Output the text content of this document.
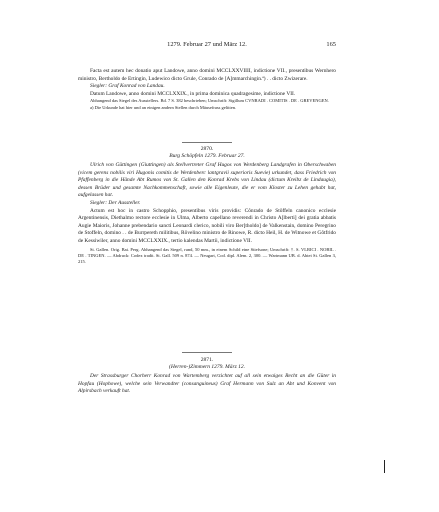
1279. Februar 27 und März 12.	165

Facta est autem hec donatio aput Landowe, anno domini MCCLXXVIIII, indictione VII., presentibus Wernhero ministro, Bertholdo de Ertingin, Ludewico dicto Grule, Conrado de [A]mmarchingin.ª) . . dicto Zwizerare.

Siegler: Graf Konrad von Landau.

Datum Landowe, anno domini MCCLXXIX., in prima dominica quadragesime, indictione VII.

Abhangend das Siegel des Ausstellers. Bd. 7 S. 382 beschrieben; Umschrift: Sigillum CVNRADI . COMITIS . DE . GREVENGEN.

a) Die Urkunde hat hier und an einigen andern Stellen durch Mäusefrass gelitten.

2870.

Burg Schöpfeln 1279. Februar 27.

Ulrich von Güttingen (Giuttingen) als Stellvertreter Graf Hugos von Werdenberg Landgrafen in Oberschwaben (vicem gerens nobilis viri Hugonis comitis de Werdenberc lantgravii superioris Suevie) urkundet, dass Friedrich von Pfaffenberg in die Hände Abt Rumos von St. Gallen den Konrad Krebs von Lindau (dictum Kreibz de Lindaugia), dessen Brüder und gesamte Nachkommenschaft, sowie alle Eigenleute, die er vom Kloster zu Lehen gehabt hat, aufgelassen hat.

Siegler: Der Aussteller.

Actum est hoc in castro Schopphio, presentibus viris providis: Cônrado de Stôffeln canonico ecclesie Argentinensis, Diethalmo rectore ecclesie in Ulma, Alberto capellano reverendi in Christo A[lberti] dei gratia abbatis Augie Maioris, Johanne prebendario sancti Leonardi clerico, nobili viro Ber[tholdo] de Valkenstain, domino Peregrino de Stoffeln, domino . . de Burrpereth militibus, Rôvelino ministro de Rinowe, R. dicto Heil, H. de Witnowe et Gôtfrido de Kessiwiler, anno domini MCCLXXIX., tertio kalendas Martii, indictione VII.

St. Gallen. Orig. Bai. Perg. Abhangend das Siegel, rund, 50 mm., in einem Schild eine Stiefsone; Umschrift: †. S. VLRICI . NOBIL . DE . TINGEN. — Abdruck: Codex tradit. St. Gall. 509 n. 874. — Neugart, Cod. dipl. Alem. 2, 300. — Wartmann UB. d. Abtei St. Gallen 3, 215.

2871.

(Herren-)Zimmern 1279. März 12.

Der Strassburger Chorherr Konrad von Wartemberg verzichtet auf all sein etwaiges Recht an die Güter in Hopfau (Hophowe), welche sein Verwandter (consanguineus) Graf Hermann von Sulz an Abt und Konvent von Alpirsbach verkauft hat.
